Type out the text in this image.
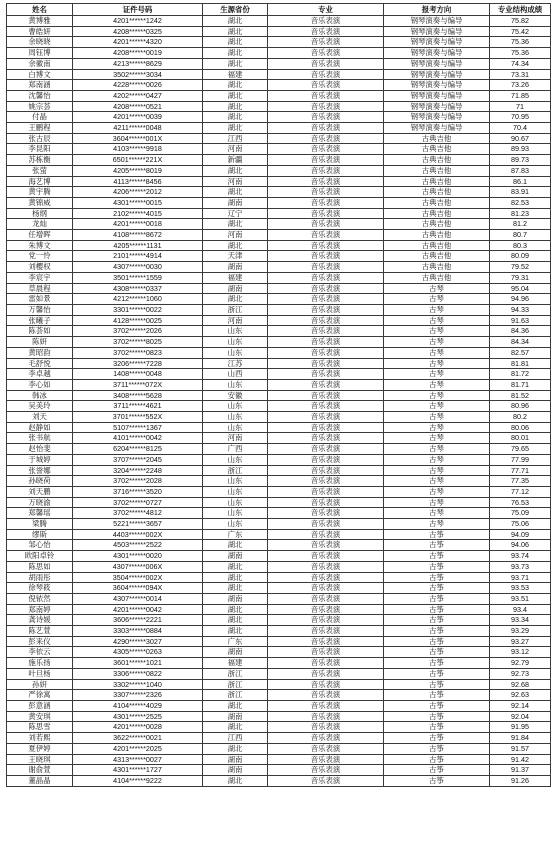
姓名	证件号码	生源省份	专业	报考方向	专业结构成绩
黄博雅	4201******1242	湖北	音乐表演	钢琴演奏与编导	75.82
曹皓妍	4208******0325	湖北	音乐表演	钢琴演奏与编导	75.42
余晓晓	4201******4320	湖北	音乐表演	钢琴演奏与编导	75.36
周钰博	4208******0019	湖北	音乐表演	钢琴演奏与编导	75.36
余徽南	4213******8629	湖北	音乐表演	钢琴演奏与编导	74.34
白博文	3502******3034	福建	音乐表演	钢琴演奏与编导	73.31
郑南涵	4228******0026	湖北	音乐表演	钢琴演奏与编导	73.26
沈馨怡	4202******0427	湖北	音乐表演	钢琴演奏与编导	71.85
姚宗荟	4208******0521	湖北	音乐表演	钢琴演奏与编导	71
付晶	4201******0039	湖北	音乐表演	钢琴演奏与编导	70.95
王鹏程	4211******0048	湖北	音乐表演	钢琴演奏与编导	70.4
张古辰	3604******001X	江西	音乐表演	古典吉他	90.67
李昆阳	4103******9918	河南	音乐表演	古典吉他	89.93
苏栋衡	6501******221X	新疆	音乐表演	古典吉他	89.73
张萤	4205******8019	湖北	音乐表演	古典吉他	87.83
海艺博	4113******8456	河南	音乐表演	古典吉他	86.1
黄宇腾	4206******2012	湖北	音乐表演	古典吉他	83.91
黄锦威	4301******0015	湖南	音乐表演	古典吉他	82.53
杨纲	2102******4015	辽宁	音乐表演	古典吉他	81.23
龙灿	4201******0018	湖北	音乐表演	古典吉他	81.2
任增晖	4108******8672	河南	音乐表演	古典吉他	80.7
朱博文	4205******1131	湖北	音乐表演	古典吉他	80.3
党一怜	2101******4914	天津	音乐表演	古典吉他	80.09
刘樱权	4307******0030	湖南	音乐表演	古典吉他	79.52
李宸宇	3501******1559	福建	音乐表演	古典吉他	79.31
草晨程	4308******0337	湖南	音乐表演	古琴	95.04
雷如景	4212******1060	湖北	音乐表演	古琴	94.96
万馨怡	3301******0022	浙江	音乐表演	古琴	94.33
张曦子	4128******0025	河南	音乐表演	古琴	91.63
陈荟如	3702******2026	山东	音乐表演	古琴	84.36
陈妍	3702******8025	山东	音乐表演	古琴	84.34
黄昭韵	3702******0823	山东	音乐表演	古琴	82.57
毛舒悦	3206******7228	江苏	音乐表演	古琴	81.81
李卓越	1408******0048	山西	音乐表演	古琴	81.72
李心如	3711******072X	山东	音乐表演	古琴	81.71
韩冰	3408******5628	安徽	音乐表演	古琴	81.52
吴美玲	3711******4621	山东	音乐表演	古琴	80.96
刘天	3701******552X	山东	音乐表演	古琴	80.2
赵静如	5107******1367	山东	音乐表演	古琴	80.06
张书航	4101******0042	河南	音乐表演	古琴	80.01
赵怡斐	6204******8125	广西	音乐表演	古琴	79.65
于城婷	3707******2045	山东	音乐表演	古琴	77.99
张誉娜	3204******2248	浙江	音乐表演	古琴	77.71
孙晓荷	3702******2028	山东	音乐表演	古琴	77.35
刘天鹏	3716******3520	山东	音乐表演	古琴	77.12
万晓渝	3702******0727	山东	音乐表演	古琴	76.53
郑馨瑶	3702******4812	山东	音乐表演	古琴	75.09
梁腾	5221******3657	山东	音乐表演	古琴	75.06
缪斯	4403******002X	广东	音乐表演	古筝	94.09
邹心怡	4503******2522	湖北	音乐表演	古筝	94.06
欧阳卓铃	4301******0020	湖南	音乐表演	古筝	93.74
陈思如	4307******006X	湖北	音乐表演	古筝	93.73
胡雨彤	3504******002X	湖北	音乐表演	古筝	93.71
徐琴筱	3604******094X	湖北	音乐表演	古筝	93.53
倪铱然	4307******0014	湖南	音乐表演	古筝	93.51
郑南婷	4201******0042	湖北	音乐表演	古筝	93.4
龚诗媛	3606******2221	湖北	音乐表演	古筝	93.34
陈艺萱	3303******0884	湖北	音乐表演	古筝	93.29
彭来仪	4290******3027	广东	音乐表演	古筝	93.27
李依云	4305******0263	湖南	音乐表演	古筝	93.12
施乐扬	3601******1021	福建	音乐表演	古筝	92.79
叶旦杨	3306******0822	浙江	音乐表演	古筝	92.73
孙妍	3302******1040	浙江	音乐表演	古筝	92.68
严徐寓	3307******2326	浙江	音乐表演	古筝	92.63
彭意涵	4104******4029	湖北	音乐表演	古筝	92.14
黄安琪	4301******2525	湖南	音乐表演	古筝	92.04
陈思雪	4201******0028	湖北	音乐表演	古筝	91.95
刘若熙	3622******0021	江西	音乐表演	古筝	91.84
夏伊婷	4201******2025	湖北	音乐表演	古筝	91.57
王晓琪	4313******0027	湖南	音乐表演	古筝	91.42
谢俞萱	4301******1727	湖南	音乐表演	古筝	91.37
董晶晶	4104******9222	湖北	音乐表演	古筝	91.26
